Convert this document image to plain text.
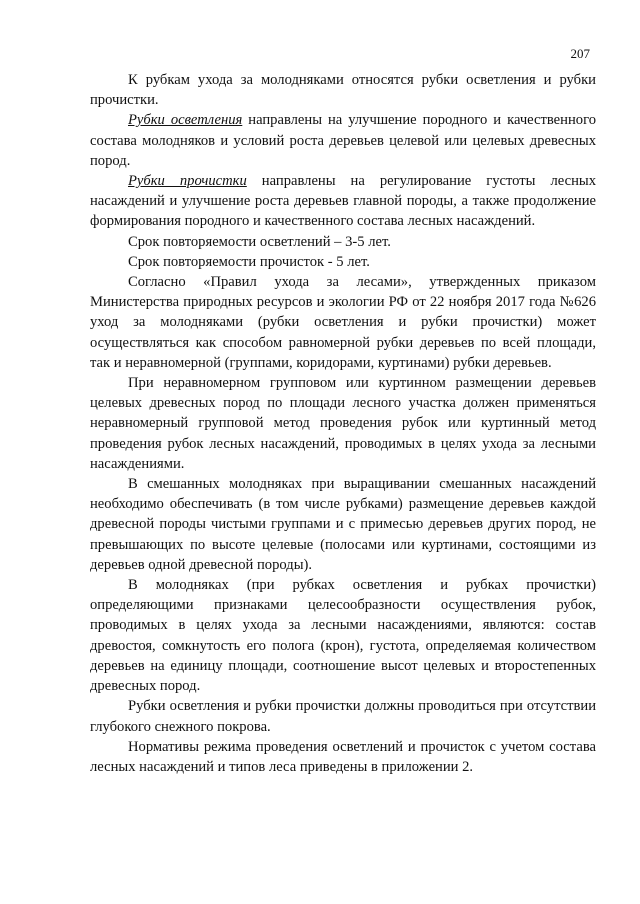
207

К рубкам ухода за молодняками относятся рубки осветления и рубки прочистки.

Рубки осветления направлены на улучшение породного и качественного состава молодняков и условий роста деревьев целевой или целевых древесных пород.

Рубки прочистки направлены на регулирование густоты лесных насаждений и улучшение роста деревьев главной породы, а также продолжение формирования породного и качественного состава лесных насаждений.

Срок повторяемости осветлений – 3-5 лет.

Срок повторяемости прочисток - 5 лет.

Согласно «Правил ухода за лесами», утвержденных приказом Министерства природных ресурсов и экологии РФ от 22 ноября 2017 года №626 уход за молодняками (рубки осветления и рубки прочистки) может осуществляться как способом равномерной рубки деревьев по всей площади, так и неравномерной (группами, коридорами, куртинами) рубки деревьев.

При неравномерном групповом или куртинном размещении деревьев целевых древесных пород по площади лесного участка должен применяться неравномерный групповой метод проведения рубок или куртинный метод проведения рубок лесных насаждений, проводимых в целях ухода за лесными насаждениями.

В смешанных молодняках при выращивании смешанных насаждений необходимо обеспечивать (в том числе рубками) размещение деревьев каждой древесной породы чистыми группами и с примесью деревьев других пород, не превышающих по высоте целевые (полосами или куртинами, состоящими из деревьев одной древесной породы).

В молодняках (при рубках осветления и рубках прочистки) определяющими признаками целесообразности осуществления рубок, проводимых в целях ухода за лесными насаждениями, являются: состав древостоя, сомкнутость его полога (крон), густота, определяемая количеством деревьев на единицу площади, соотношение высот целевых и второстепенных древесных пород.

Рубки осветления и рубки прочистки должны проводиться при отсутствии глубокого снежного покрова.

Нормативы режима проведения осветлений и прочисток с учетом состава лесных насаждений и типов леса приведены в приложении 2.
